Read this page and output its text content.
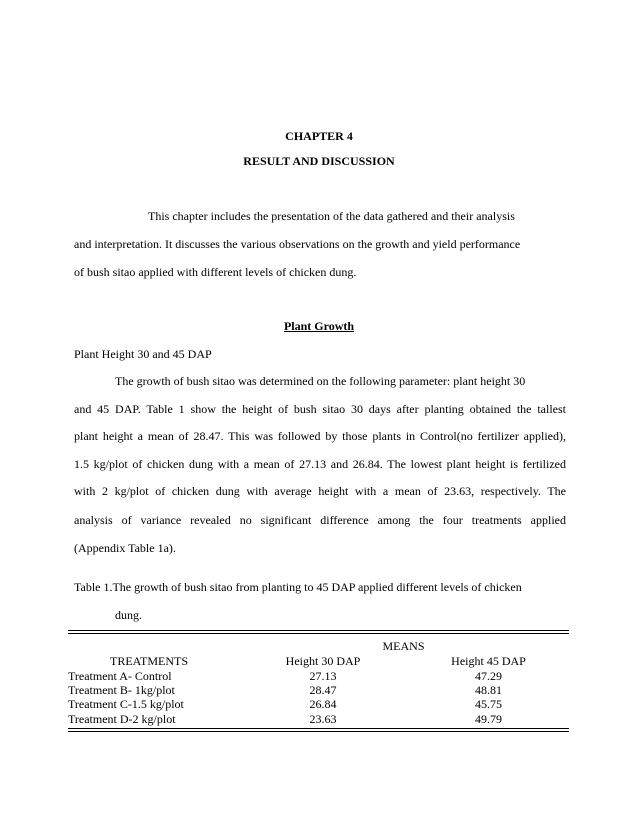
CHAPTER 4
RESULT AND DISCUSSION
This chapter includes the presentation of the data gathered and their analysis
and interpretation. It discusses the various observations on the growth and yield performance
of bush sitao applied with different levels of chicken dung.
Plant Growth
Plant Height 30 and 45 DAP
The growth of bush sitao was determined on the following parameter: plant height 30
and 45 DAP. Table 1 show the height of bush sitao 30 days after planting obtained the tallest
plant height a mean of 28.47. This was followed by those plants in Control(no fertilizer applied),
1.5 kg/plot of chicken dung with a mean of 27.13 and 26.84. The lowest plant height is fertilized
with 2 kg/plot of chicken dung with average height with a mean of 23.63, respectively. The
analysis of variance revealed no significant difference among the four treatments applied
(Appendix Table 1a).
Table 1.The growth of bush sitao from planting to 45 DAP applied different levels of chicken
dung.
MEANS
TREATMENTS	Height 30 DAP	Height 45 DAP
Treatment A- Control	27.13	47.29
Treatment B- 1kg/plot	28.47	48.81
Treatment C-1.5 kg/plot	26.84	45.75
Treatment D-2 kg/plot	23.63	49.79
